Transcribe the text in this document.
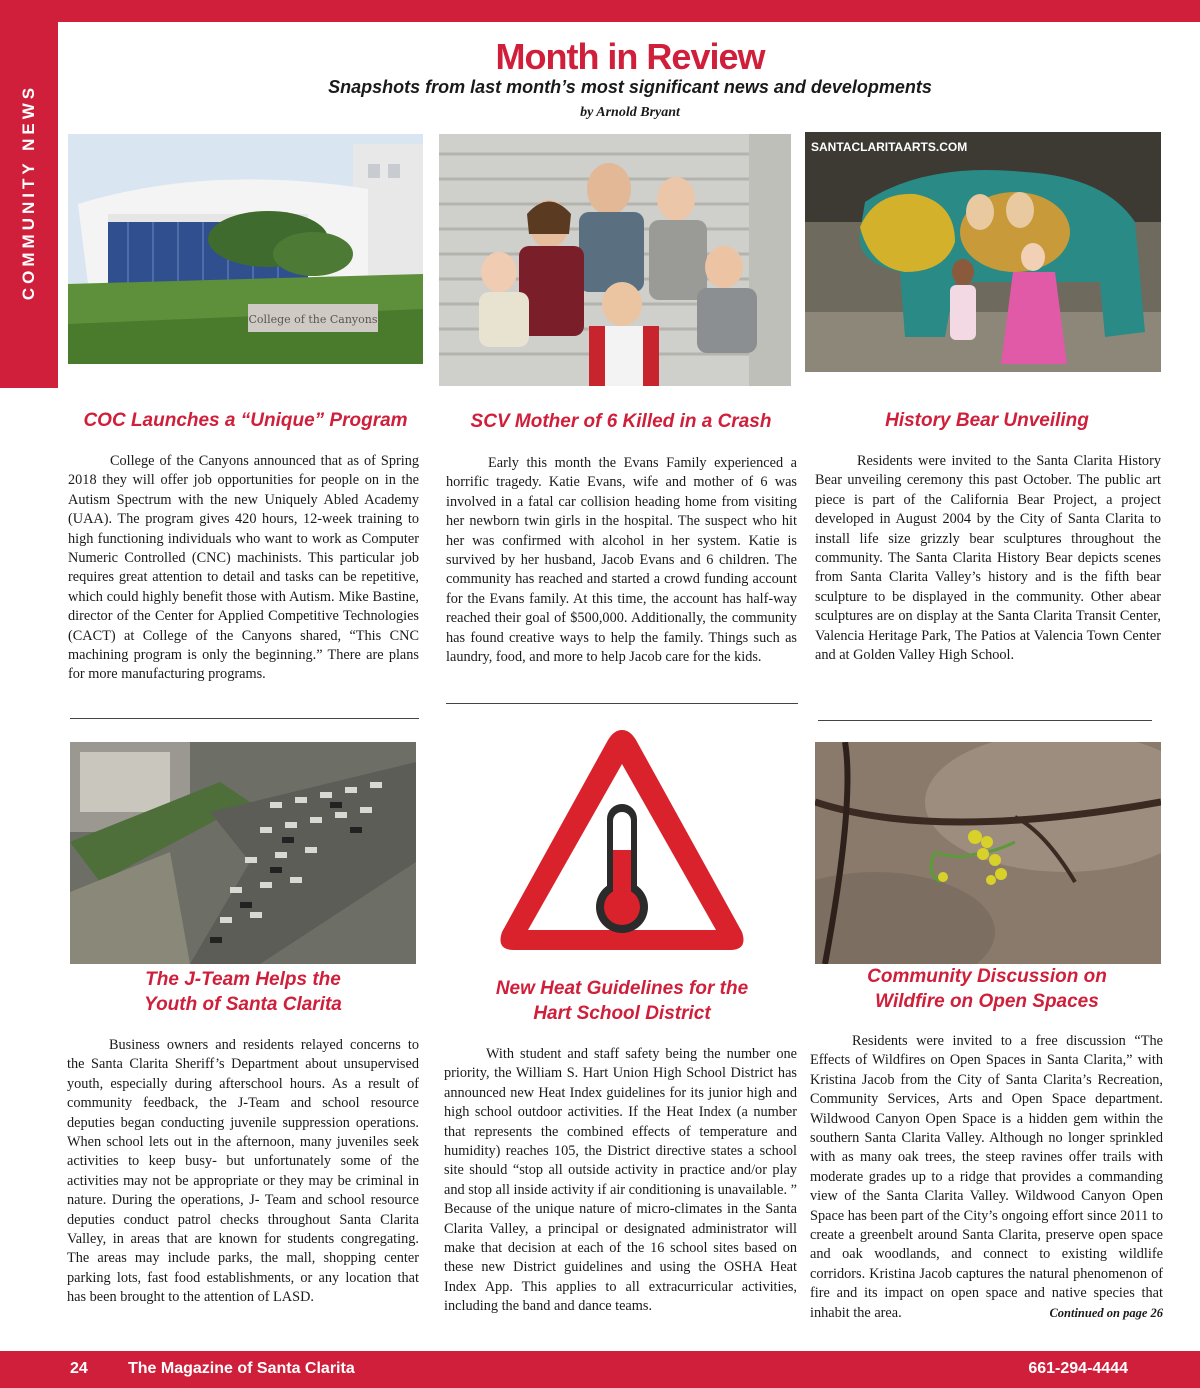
COMMUNITY NEWS
Month in Review

Snapshots from last month’s most significant news and developments

by Arnold Bryant

College of the Canyons
SANTACLARITAARTS.COM
COC Launches a “Unique” Program	SCV Mother of 6 Killed in a Crash	History Bear Unveiling

College of the Canyons announced that as of Spring 2018 they will offer job opportunities for people on in the Autism Spectrum with the new Uniquely Abled Academy (UAA). The program gives 420 hours, 12-week training to high functioning individuals who want to work as Computer Numeric Controlled (CNC) machinists. This particular job requires great attention to detail and tasks can be repetitive, which could highly benefit those with Autism. Mike Bastine, director of the Center for Applied Competitive Technologies (CACT) at College of the Canyons shared, “This CNC machining program is only the beginning.” There are plans for more manufacturing programs.

Early this month the Evans Family experienced a horrific tragedy. Katie Evans, wife and mother of 6 was involved in a fatal car collision heading home from visiting her newborn twin girls in the hospital. The suspect who hit her was confirmed with alcohol in her system. Katie is survived by her husband, Jacob Evans and 6 children. The community has reached and started a crowd funding account for the Evans family. At this time, the account has half-way reached their goal of $500,000. Additionally, the community has found creative ways to help the family. Things such as laundry, food, and more to help Jacob care for the kids.

Residents were invited to the Santa Clarita History Bear unveiling ceremony this past October. The public art piece is part of the California Bear Project, a project developed in August 2004 by the City of Santa Clarita to install life size grizzly bear sculptures throughout the community. The Santa Clarita History Bear depicts scenes from Santa Clarita Valley’s history and is the fifth bear sculpture to be displayed in the community. Other abear sculptures are on display at the Santa Clarita Transit Center, Valencia Heritage Park, The Patios at Valencia Town Center and at Golden Valley High School.

The J-Team Helps the
Youth of Santa Clarita
New Heat Guidelines for the
Hart School District
Community Discussion on
Wildfire on Open Spaces

Business owners and residents relayed concerns to the Santa Clarita Sheriff’s Department about unsupervised youth, especially during afterschool hours. As a result of community feedback, the J-Team and school resource deputies began conducting juvenile suppression operations. When school lets out in the afternoon, many juveniles seek activities to keep busy- but unfortunately some of the activities may not be appropriate or they may be criminal in nature. During the operations, J- Team and school resource deputies conduct patrol checks throughout Santa Clarita Valley, in areas that are known for students congregating. The areas may include parks, the mall, shopping center parking lots, fast food establishments, or any location that has been brought to the attention of LASD.

With student and staff safety being the number one priority, the William S. Hart Union High School District has announced new Heat Index guidelines for its junior high and high school outdoor activities. If the Heat Index (a number that represents the combined effects of temperature and humidity) reaches 105, the District directive states a school site should “stop all outside activity in practice and/or play and stop all inside activity if air conditioning is unavailable. ” Because of the unique nature of micro-climates in the Santa Clarita Valley, a principal or designated administrator will make that decision at each of the 16 school sites based on these new District guidelines and using the OSHA Heat Index App. This applies to all extracurricular activities, including the band and dance teams.

Residents were invited to a free discussion “The Effects of Wildfires on Open Spaces in Santa Clarita,” with Kristina Jacob from the City of Santa Clarita’s Recreation, Community Services, Arts and Open Space department. Wildwood Canyon Open Space is a hidden gem within the southern Santa Clarita Valley. Although no longer sprinkled with as many oak trees, the steep ravines offer trails with moderate grades up to a ridge that provides a commanding view of the Santa Clarita Valley. Wildwood Canyon Open Space has been part of the City’s ongoing effort since 2011 to create a greenbelt around Santa Clarita, preserve open space and oak woodlands, and connect to existing wildlife corridors. Kristina Jacob captures the natural phenomenon of fire and its impact on open space and native species that inhabit the area.	Continued on page 26

24	The Magazine of Santa Clarita	661-294-4444
